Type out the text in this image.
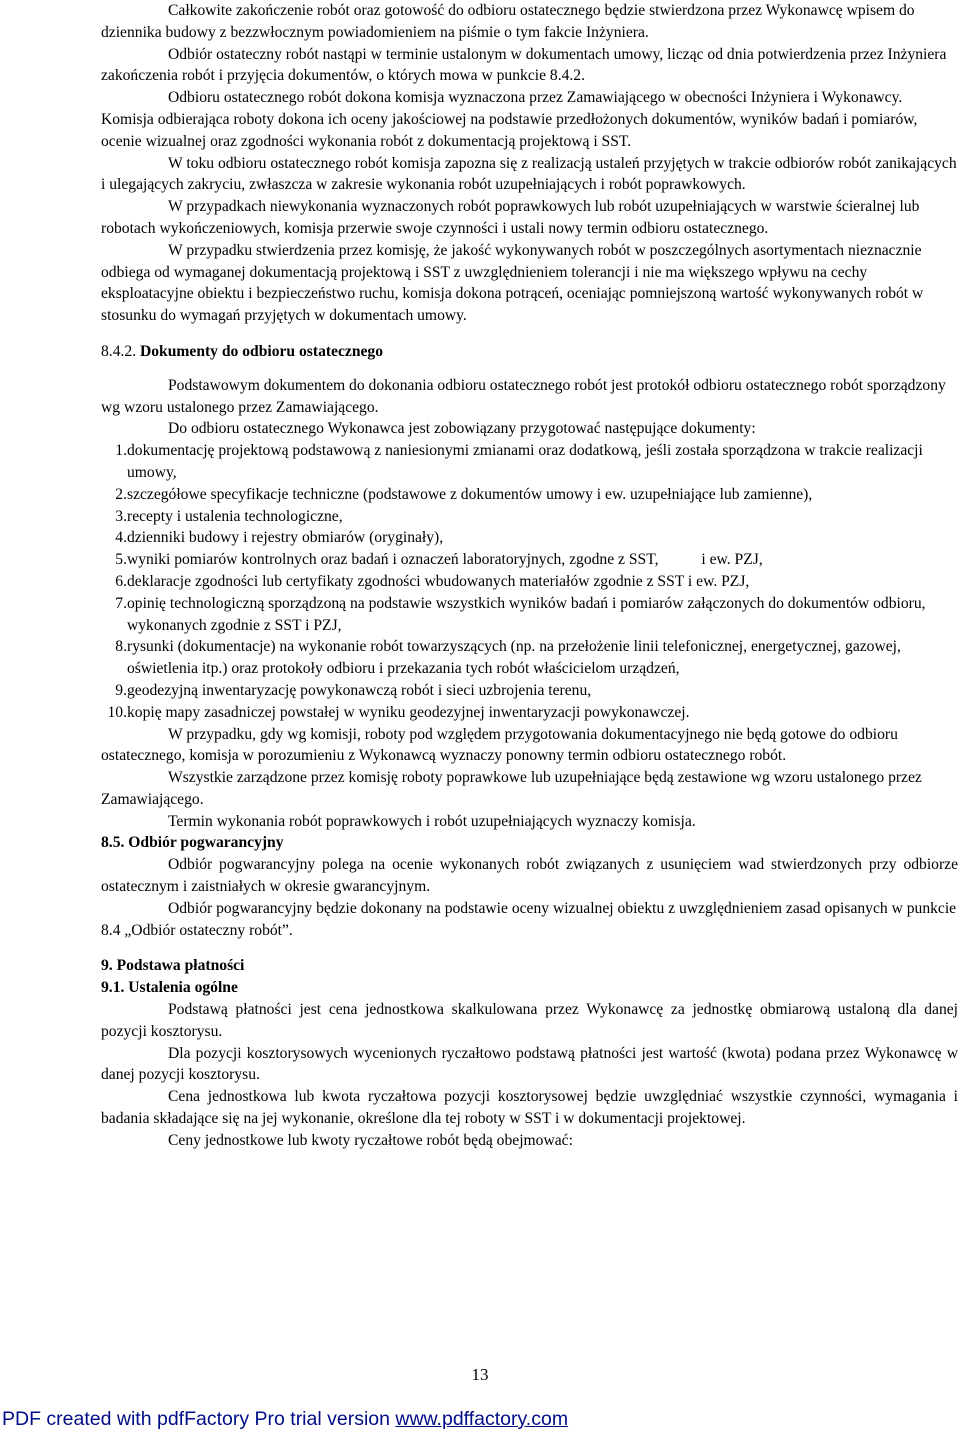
Całkowite zakończenie robót oraz gotowość do odbioru ostatecznego będzie stwierdzona przez Wykonawcę wpisem do dziennika budowy z bezzwłocznym powiadomieniem na piśmie o tym fakcie Inżyniera.

Odbiór ostateczny robót nastąpi w terminie ustalonym w dokumentach umowy, licząc od dnia potwierdzenia przez Inżyniera zakończenia robót i przyjęcia dokumentów, o których mowa w punkcie 8.4.2.

Odbioru ostatecznego robót dokona komisja wyznaczona przez Zamawiającego w obecności Inżyniera i Wykonawcy. Komisja odbierająca roboty dokona ich oceny jakościowej na podstawie przedłożonych dokumentów, wyników badań i pomiarów, ocenie wizualnej oraz zgodności wykonania robót z dokumentacją projektową i SST.

W toku odbioru ostatecznego robót komisja zapozna się z realizacją ustaleń przyjętych w trakcie odbiorów robót zanikających i ulegających zakryciu, zwłaszcza w zakresie wykonania robót uzupełniających i robót poprawkowych.

W przypadkach niewykonania wyznaczonych robót poprawkowych lub robót uzupełniających w warstwie ścieralnej lub robotach wykończeniowych, komisja przerwie swoje czynności i ustali nowy termin odbioru ostatecznego.

W przypadku stwierdzenia przez komisję, że jakość wykonywanych robót w poszczególnych asortymentach nieznacznie odbiega od wymaganej dokumentacją projektową i SST z uwzględnieniem tolerancji i nie ma większego wpływu na cechy eksploatacyjne obiektu i bezpieczeństwo ruchu, komisja dokona potrąceń, oceniając pomniejszoną wartość wykonywanych robót w stosunku do wymagań przyjętych w dokumentach umowy.

8.4.2. Dokumenty do odbioru ostatecznego

Podstawowym dokumentem do dokonania odbioru ostatecznego robót jest protokół odbioru ostatecznego robót sporządzony wg wzoru ustalonego przez Zamawiającego.

Do odbioru ostatecznego Wykonawca jest zobowiązany przygotować następujące dokumenty:

1. dokumentację projektową podstawową z naniesionymi zmianami oraz dodatkową, jeśli została sporządzona w trakcie realizacji umowy,
2. szczegółowe specyfikacje techniczne (podstawowe z dokumentów umowy i ew. uzupełniające lub zamienne),
3. recepty i ustalenia technologiczne,
4. dzienniki budowy i rejestry obmiarów (oryginały),
5. wyniki pomiarów kontrolnych oraz badań i oznaczeń laboratoryjnych, zgodne z SST,           i ew. PZJ,
6. deklaracje zgodności lub certyfikaty zgodności wbudowanych materiałów zgodnie z SST i ew. PZJ,
7. opinię technologiczną sporządzoną na podstawie wszystkich wyników badań i pomiarów załączonych do dokumentów odbioru, wykonanych zgodnie z SST i PZJ,
8. rysunki (dokumentacje) na wykonanie robót towarzyszących (np. na przełożenie linii telefonicznej, energetycznej, gazowej, oświetlenia itp.) oraz protokoły odbioru i przekazania tych robót właścicielom urządzeń,
9. geodezyjną inwentaryzację powykonawczą robót i sieci uzbrojenia terenu,
10. kopię mapy zasadniczej powstałej w wyniku geodezyjnej inwentaryzacji powykonawczej.

W przypadku, gdy wg komisji, roboty pod względem przygotowania dokumentacyjnego nie będą gotowe do odbioru ostatecznego, komisja w porozumieniu z Wykonawcą wyznaczy ponowny termin odbioru ostatecznego robót.

Wszystkie zarządzone przez komisję roboty poprawkowe lub uzupełniające będą zestawione wg wzoru ustalonego przez Zamawiającego.

Termin wykonania robót poprawkowych i robót uzupełniających wyznaczy komisja.

8.5. Odbiór pogwarancyjny

Odbiór pogwarancyjny polega na ocenie wykonanych robót związanych z usunięciem wad stwierdzonych przy odbiorze ostatecznym i zaistniałych w okresie gwarancyjnym.

Odbiór pogwarancyjny będzie dokonany na podstawie oceny wizualnej obiektu z uwzględnieniem zasad opisanych w punkcie 8.4 „Odbiór ostateczny robót”.

9. Podstawa płatności

9.1. Ustalenia ogólne

Podstawą płatności jest cena jednostkowa skalkulowana przez Wykonawcę za jednostkę obmiarową ustaloną dla danej pozycji kosztorysu.

Dla pozycji kosztorysowych wycenionych ryczałtowo podstawą płatności jest wartość (kwota) podana przez Wykonawcę w danej pozycji kosztorysu.

Cena jednostkowa lub kwota ryczałtowa pozycji kosztorysowej będzie uwzględniać wszystkie czynności, wymagania i badania składające się na jej wykonanie, określone dla tej roboty w SST i w dokumentacji projektowej.

Ceny jednostkowe lub kwoty ryczałtowe robót będą obejmować:

13
PDF created with pdfFactory Pro trial version www.pdffactory.com
